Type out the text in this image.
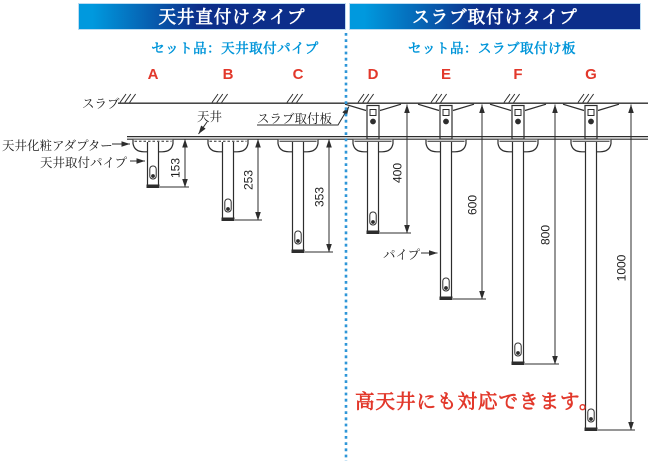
天井直付けタイプ	スラブ取付けタイプ
セット品：天井取付パイプ	セット品：スラブ取付け板
A	B	C	D	E	F	G
153
253
353
400
600
800
1000
スラブ
天井	スラブ取付板
天井化粧アダプター
天井取付パイプ
パイプ
高天井にも対応できます。
